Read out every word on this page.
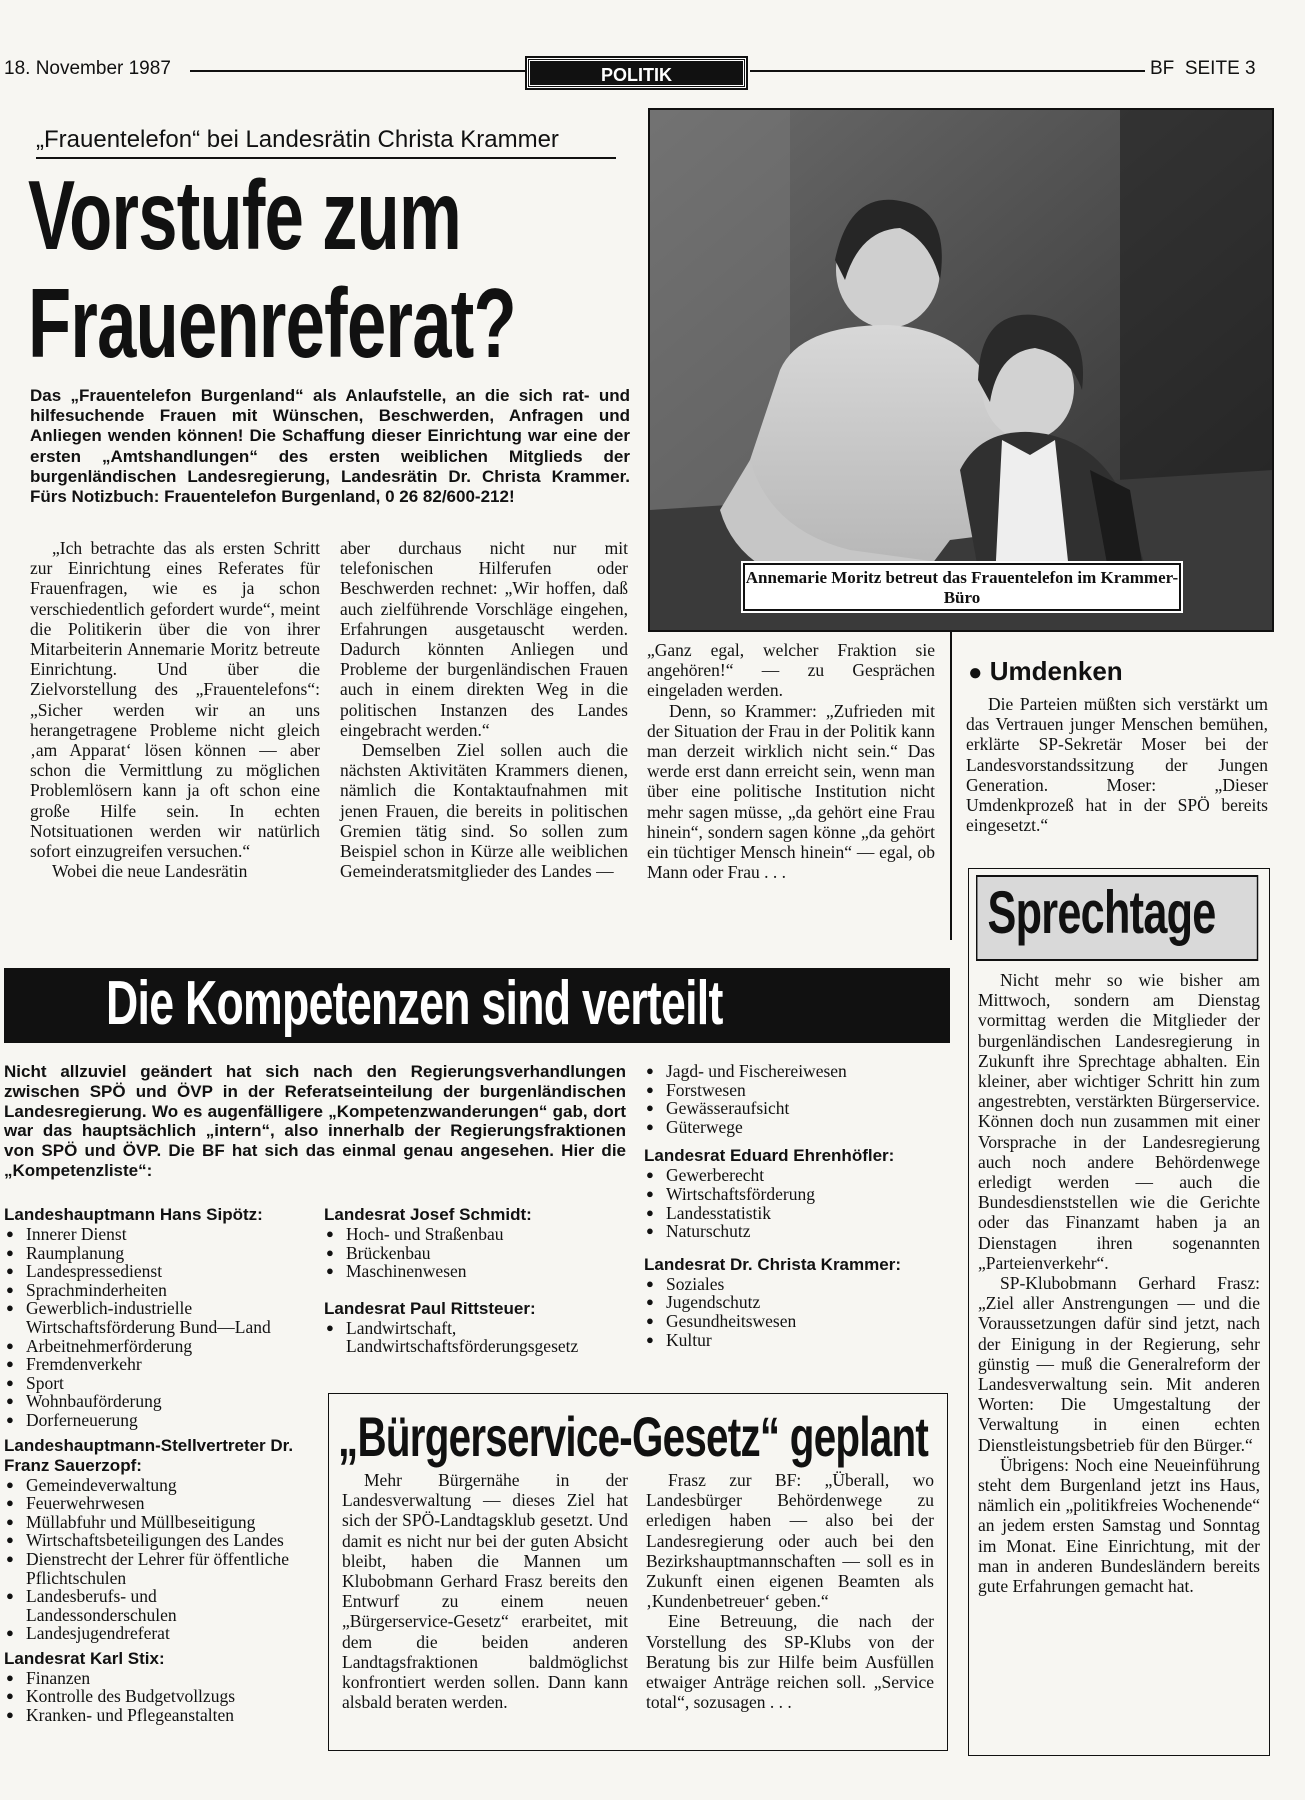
18. November 1987	POLITIK	BF  SEITE 3
„Frauentelefon“ bei Landesrätin Christa Krammer
Vorstufe zum
Frauenreferat?
Das „Frauentelefon Burgenland“ als Anlaufstelle, an die sich rat- und hilfesuchende Frauen mit Wünschen, Beschwerden, Anfragen und Anliegen wenden können! Die Schaffung dieser Einrichtung war eine der ersten „Amtshandlungen“ des ersten weiblichen Mitglieds der burgenländischen Landesregierung, Landesrätin Dr. Christa Krammer. Fürs Notizbuch: Frauentelefon Burgenland, 0 26 82/600-212!

„Ich betrachte das als ersten Schritt zur Einrichtung eines Referates für Frauenfragen, wie es ja schon verschiedentlich gefordert wurde“, meint die Politikerin über die von ihrer Mitarbeiterin Annemarie Moritz betreute Einrichtung. Und über die Zielvorstellung des „Frauentelefons“: „Sicher werden wir an uns herangetragene Probleme nicht gleich ‚am Apparat‘ lösen können — aber schon die Vermittlung zu möglichen Problemlösern kann ja oft schon eine große Hilfe sein. In echten Notsituationen werden wir natürlich sofort einzugreifen versuchen.“

Wobei die neue Landesrätin

aber durchaus nicht nur mit telefonischen Hilferufen oder Beschwerden rechnet: „Wir hoffen, daß auch zielführende Vorschläge eingehen, Erfahrungen ausgetauscht werden. Dadurch könnten Anliegen und Probleme der burgenländischen Frauen auch in einem direkten Weg in die politischen Instanzen des Landes eingebracht werden.“

Demselben Ziel sollen auch die nächsten Aktivitäten Krammers dienen, nämlich die Kontaktaufnahmen mit jenen Frauen, die bereits in politischen Gremien tätig sind. So sollen zum Beispiel schon in Kürze alle weiblichen Gemeinderatsmitglieder des Landes —

Annemarie Moritz betreut das Frauentelefon im Krammer- Büro

„Ganz egal, welcher Fraktion sie angehören!“ — zu Gesprächen eingeladen werden.

Denn, so Krammer: „Zufrieden mit der Situation der Frau in der Politik kann man derzeit wirklich nicht sein.“ Das werde erst dann erreicht sein, wenn man über eine politische Institution nicht mehr sagen müsse, „da gehört eine Frau hinein“, sondern sagen könne „da gehört ein tüchtiger Mensch hinein“ — egal, ob Mann oder Frau . . .

● Umdenken

Die Parteien müßten sich verstärkt um das Vertrauen junger Menschen bemühen, erklärte SP-Sekretär Moser bei der Landesvorstandssitzung der Jungen Generation. Moser: „Dieser Umdenkprozeß hat in der SPÖ bereits eingesetzt.“

Sprechtage

Nicht mehr so wie bisher am Mittwoch, sondern am Dienstag vormittag werden die Mitglieder der burgenländischen Landesregierung in Zukunft ihre Sprechtage abhalten. Ein kleiner, aber wichtiger Schritt hin zum angestrebten, verstärkten Bürgerservice. Können doch nun zusammen mit einer Vorsprache in der Landesregierung auch noch andere Behördenwege erledigt werden — auch die Bundesdienststellen wie die Gerichte oder das Finanzamt haben ja an Dienstagen ihren sogenannten „Parteienverkehr“.

SP-Klubobmann Gerhard Frasz: „Ziel aller Anstrengungen — und die Voraussetzungen dafür sind jetzt, nach der Einigung in der Regierung, sehr günstig — muß die Generalreform der Landesverwaltung sein. Mit anderen Worten: Die Umgestaltung der Verwaltung in einen echten Dienstleistungsbetrieb für den Bürger.“

Übrigens: Noch eine Neueinführung steht dem Burgenland jetzt ins Haus, nämlich ein „politikfreies Wochenende“ an jedem ersten Samstag und Sonntag im Monat. Eine Einrichtung, mit der man in anderen Bundesländern bereits gute Erfahrungen gemacht hat.

Die Kompetenzen sind verteilt
Nicht allzuviel geändert hat sich nach den Regierungsverhandlungen zwischen SPÖ und ÖVP in der Referatseinteilung der burgenländischen Landesregierung. Wo es augenfälligere „Kompetenzwanderungen“ gab, dort war das hauptsächlich „intern“, also innerhalb der Regierungsfraktionen von SPÖ und ÖVP. Die BF hat sich das einmal genau angesehen. Hier die „Kompetenzliste“:

Landeshauptmann Hans Sipötz:

● Innerer Dienst
● Raumplanung
● Landespressedienst
● Sprachminderheiten
● Gewerblich-industrielle Wirtschaftsförderung Bund—Land
● Arbeitnehmerförderung
● Fremdenverkehr
● Sport
● Wohnbauförderung
● Dorferneuerung

Landeshauptmann-Stellvertreter Dr. Franz Sauerzopf:

● Gemeindeverwaltung
● Feuerwehrwesen
● Müllabfuhr und Müllbeseitigung
● Wirtschaftsbeteiligungen des Landes
● Dienstrecht der Lehrer für öffentliche Pflichtschulen
● Landesberufs- und Landessonderschulen
● Landesjugendreferat

Landesrat Karl Stix:

● Finanzen
● Kontrolle des Budgetvollzugs
● Kranken- und Pflegeanstalten

Landesrat Josef Schmidt:

● Hoch- und Straßenbau
● Brückenbau
● Maschinenwesen

Landesrat Paul Rittsteuer:

● Landwirtschaft, Landwirtschaftsförderungsgesetz
● Jagd- und Fischereiwesen
● Forstwesen
● Gewässeraufsicht
● Güterwege

Landesrat Eduard Ehrenhöfler:

● Gewerberecht
● Wirtschaftsförderung
● Landesstatistik
● Naturschutz

Landesrat Dr. Christa Krammer:

● Soziales
● Jugendschutz
● Gesundheitswesen
● Kultur
„Bürgerservice-Gesetz“ geplant

Mehr Bürgernähe in der Landesverwaltung — dieses Ziel hat sich der SPÖ-Landtagsklub gesetzt. Und damit es nicht nur bei der guten Absicht bleibt, haben die Mannen um Klubobmann Gerhard Frasz bereits den Entwurf zu einem neuen „Bürgerservice-Gesetz“ erarbeitet, mit dem die beiden anderen Landtagsfraktionen baldmöglichst konfrontiert werden sollen. Dann kann alsbald beraten werden.

Frasz zur BF: „Überall, wo Landesbürger Behördenwege zu erledigen haben — also bei der Landesregierung oder auch bei den Bezirkshauptmannschaften — soll es in Zukunft einen eigenen Beamten als ‚Kundenbetreuer‘ geben.“

Eine Betreuung, die nach der Vorstellung des SP-Klubs von der Beratung bis zur Hilfe beim Ausfüllen etwaiger Anträge reichen soll. „Service total“, sozusagen . . .
